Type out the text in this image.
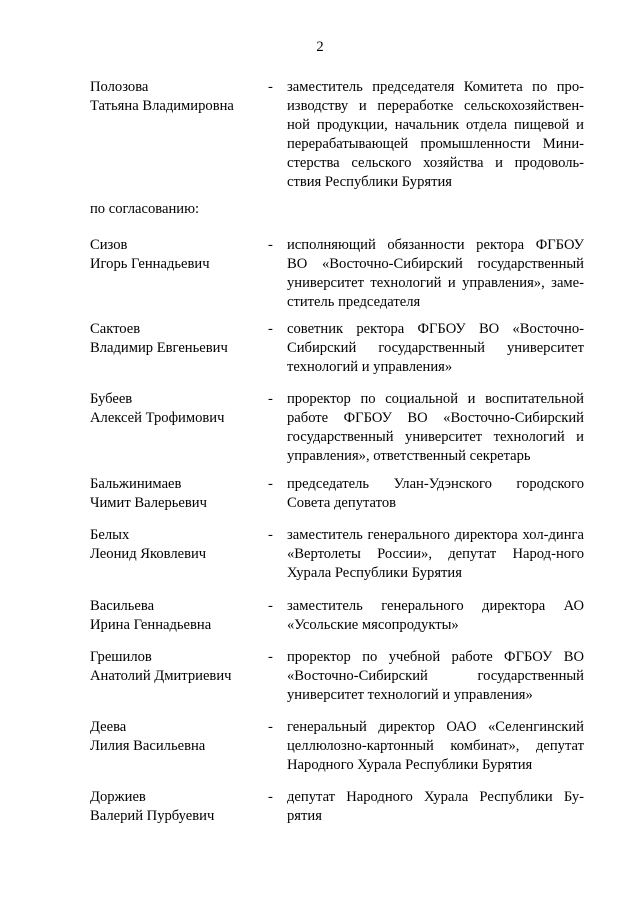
2
Полозова
Татьяна Владимировна
- заместитель председателя Комитета по про-изводству и переработке сельскохозяйствен-ной продукции, начальник отдела пищевой и перерабатывающей промышленности Мини-стерства сельского хозяйства и продоволь-ствия Республики Бурятия
по согласованию:
Сизов
Игорь Геннадьевич
- исполняющий обязанности ректора ФГБОУ ВО «Восточно-Сибирский государственный университет технологий и управления», заме-ститель председателя
Сактоев
Владимир Евгеньевич
- советник ректора ФГБОУ ВО «Восточно-Сибирский государственный университет технологий и управления»
Бубеев
Алексей Трофимович
- проректор по социальной и воспитательной работе ФГБОУ ВО «Восточно-Сибирский государственный университет технологий и управления», ответственный секретарь
Бальжинимаев
Чимит Валерьевич
- председатель Улан-Удэнского городского Совета депутатов
Белых
Леонид Яковлевич
- заместитель генерального директора хол-динга «Вертолеты России», депутат Народ-ного Хурала Республики Бурятия
Васильева
Ирина Геннадьевна
- заместитель генерального директора АО «Усольские мясопродукты»
Грешилов
Анатолий Дмитриевич
- проректор по учебной работе ФГБОУ ВО «Восточно-Сибирский государственный университет технологий и управления»
Деева
Лилия Васильевна
- генеральный директор ОАО «Селенгинский целлюлозно-картонный комбинат», депутат Народного Хурала Республики Бурятия
Доржиев
Валерий Пурбуевич
- депутат Народного Хурала Республики Бу-рятия
